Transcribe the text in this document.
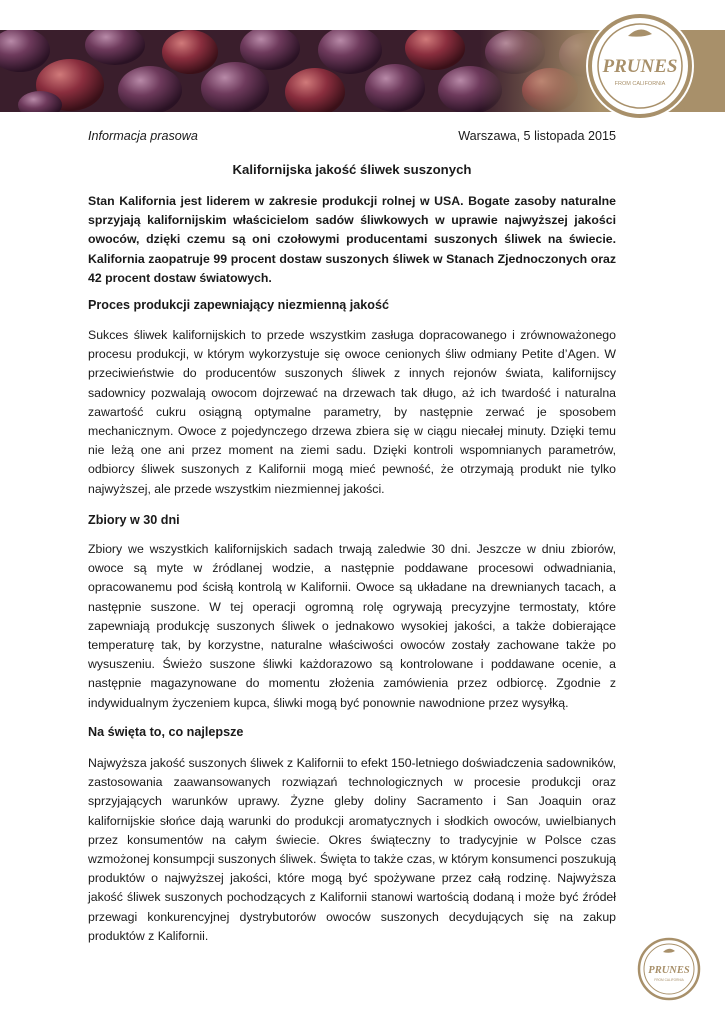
PRUNES
FROM CALIFORNIA
®
Informacja prasowa	Warszawa, 5 listopada 2015
Kalifornijska jakość śliwek suszonych
Stan Kalifornia jest liderem w zakresie produkcji rolnej w USA. Bogate zasoby naturalne sprzyjają kalifornijskim właścicielom sadów śliwkowych w uprawie najwyższej jakości owoców, dzięki czemu są oni czołowymi producentami suszonych śliwek na świecie. Kalifornia zaopatruje 99 procent dostaw suszonych śliwek w Stanach Zjednoczonych oraz 42 procent dostaw światowych.
Proces produkcji zapewniający niezmienną jakość
Sukces śliwek kalifornijskich to przede wszystkim zasługa dopracowanego i zrównoważonego procesu produkcji, w którym wykorzystuje się owoce cenionych śliw odmiany Petite d’Agen. W przeciwieństwie do producentów suszonych śliwek z innych rejonów świata, kalifornijscy sadownicy pozwalają owocom dojrzewać na drzewach tak długo, aż ich twardość i naturalna zawartość cukru osiągną optymalne parametry, by następnie zerwać je sposobem mechanicznym. Owoce z pojedynczego drzewa zbiera się w ciągu niecałej minuty. Dzięki temu nie leżą one ani przez moment na ziemi sadu. Dzięki kontroli wspomnianych parametrów, odbiorcy śliwek suszonych z Kalifornii mogą mieć pewność, że otrzymają produkt nie tylko najwyższej, ale przede wszystkim niezmiennej jakości.
Zbiory w 30 dni
Zbiory we wszystkich kalifornijskich sadach trwają zaledwie 30 dni. Jeszcze w dniu zbiorów, owoce są myte w źródlanej wodzie, a następnie poddawane procesowi odwadniania, opracowanemu pod ścisłą kontrolą w Kalifornii. Owoce są układane na drewnianych tacach, a następnie suszone. W tej operacji ogromną rolę ogrywają precyzyjne termostaty, które zapewniają produkcję suszonych śliwek o jednakowo wysokiej jakości, a także dobierające temperaturę tak, by korzystne, naturalne właściwości owoców zostały zachowane także po wysuszeniu. Świeżo suszone śliwki każdorazowo są kontrolowane i poddawane ocenie, a następnie magazynowane do momentu złożenia zamówienia przez odbiorcę. Zgodnie z indywidualnym życzeniem kupca, śliwki mogą być ponownie nawodnione przez wysyłką.
Na święta to, co najlepsze
Najwyższa jakość suszonych śliwek z Kalifornii to efekt 150-letniego doświadczenia sadowników, zastosowania zaawansowanych rozwiązań technologicznych w procesie produkcji oraz sprzyjających warunków uprawy. Żyzne gleby doliny Sacramento i San Joaquin oraz kalifornijskie słońce dają warunki do produkcji aromatycznych i słodkich owoców, uwielbianych przez konsumentów na całym świecie. Okres świąteczny to tradycyjnie w Polsce czas wzmożonej konsumpcji suszonych śliwek. Święta to także czas, w którym konsumenci poszukują produktów o najwyższej jakości, które mogą być spożywane przez całą rodzinę. Najwyższa jakość śliwek suszonych pochodzących z Kalifornii stanowi wartością dodaną i może być źródeł przewagi konkurencyjnej dystrybutorów owoców suszonych decydujących się na zakup produktów z Kalifornii.
PRUNES
FROM CALIFORNIA
